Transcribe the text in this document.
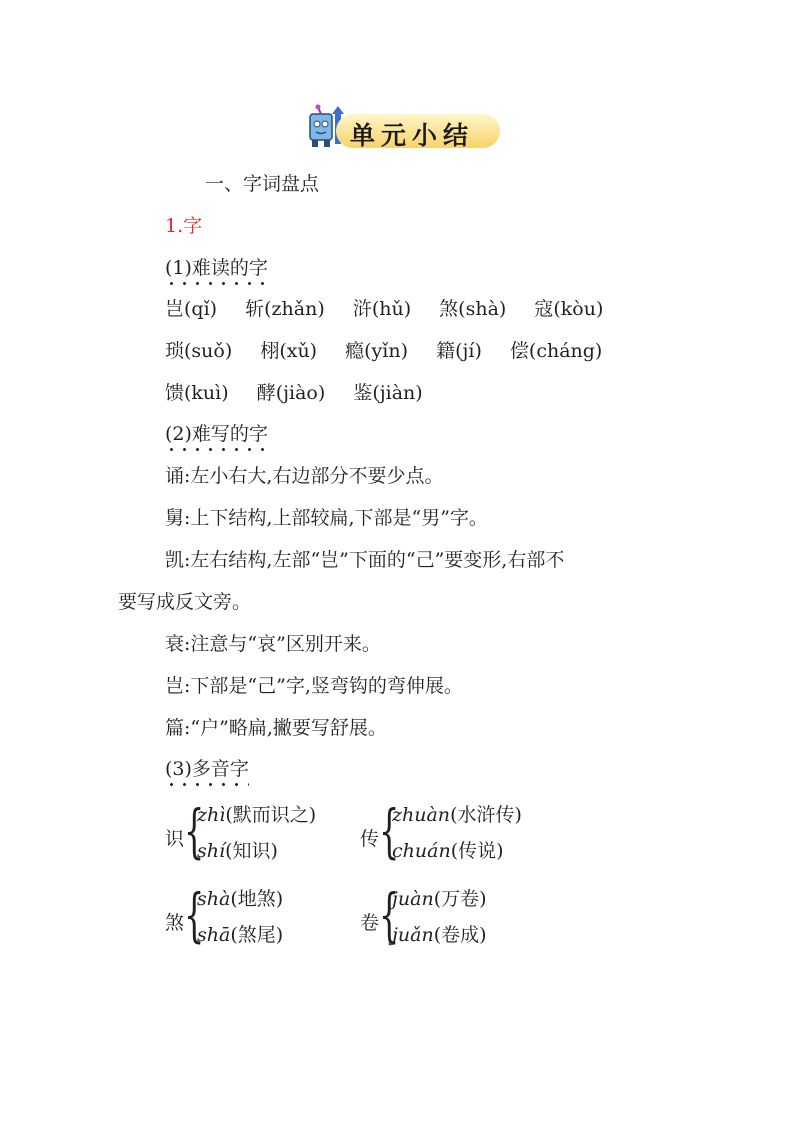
单元小结
一、字词盘点
1.字
(1)难读的字
岂(qǐ) 斩(zhǎn) 浒(hǔ) 煞(shà) 寇(kòu)
琐(suǒ) 栩(xǔ) 瘾(yǐn) 籍(jí) 偿(cháng)
馈(kuì) 酵(jiào) 鉴(jiàn)
(2)难写的字
诵:左小右大,右边部分不要少点。
舅:上下结构,上部较扁,下部是“男”字。
凯:左右结构,左部“岂”下面的“己”要变形,右部不
要写成反文旁。
衰:注意与“哀”区别开来。
岂:下部是“己”字,竖弯钩的弯伸展。
篇:“户”略扁,撇要写舒展。
(3)多音字
识 {
zhì(默而识之)
shí(知识)
传 {
zhuàn(水浒传)
chuán(传说)
煞 {
shà(地煞)
shā(煞尾)
卷 {
juàn(万卷)
juǎn(卷成)
